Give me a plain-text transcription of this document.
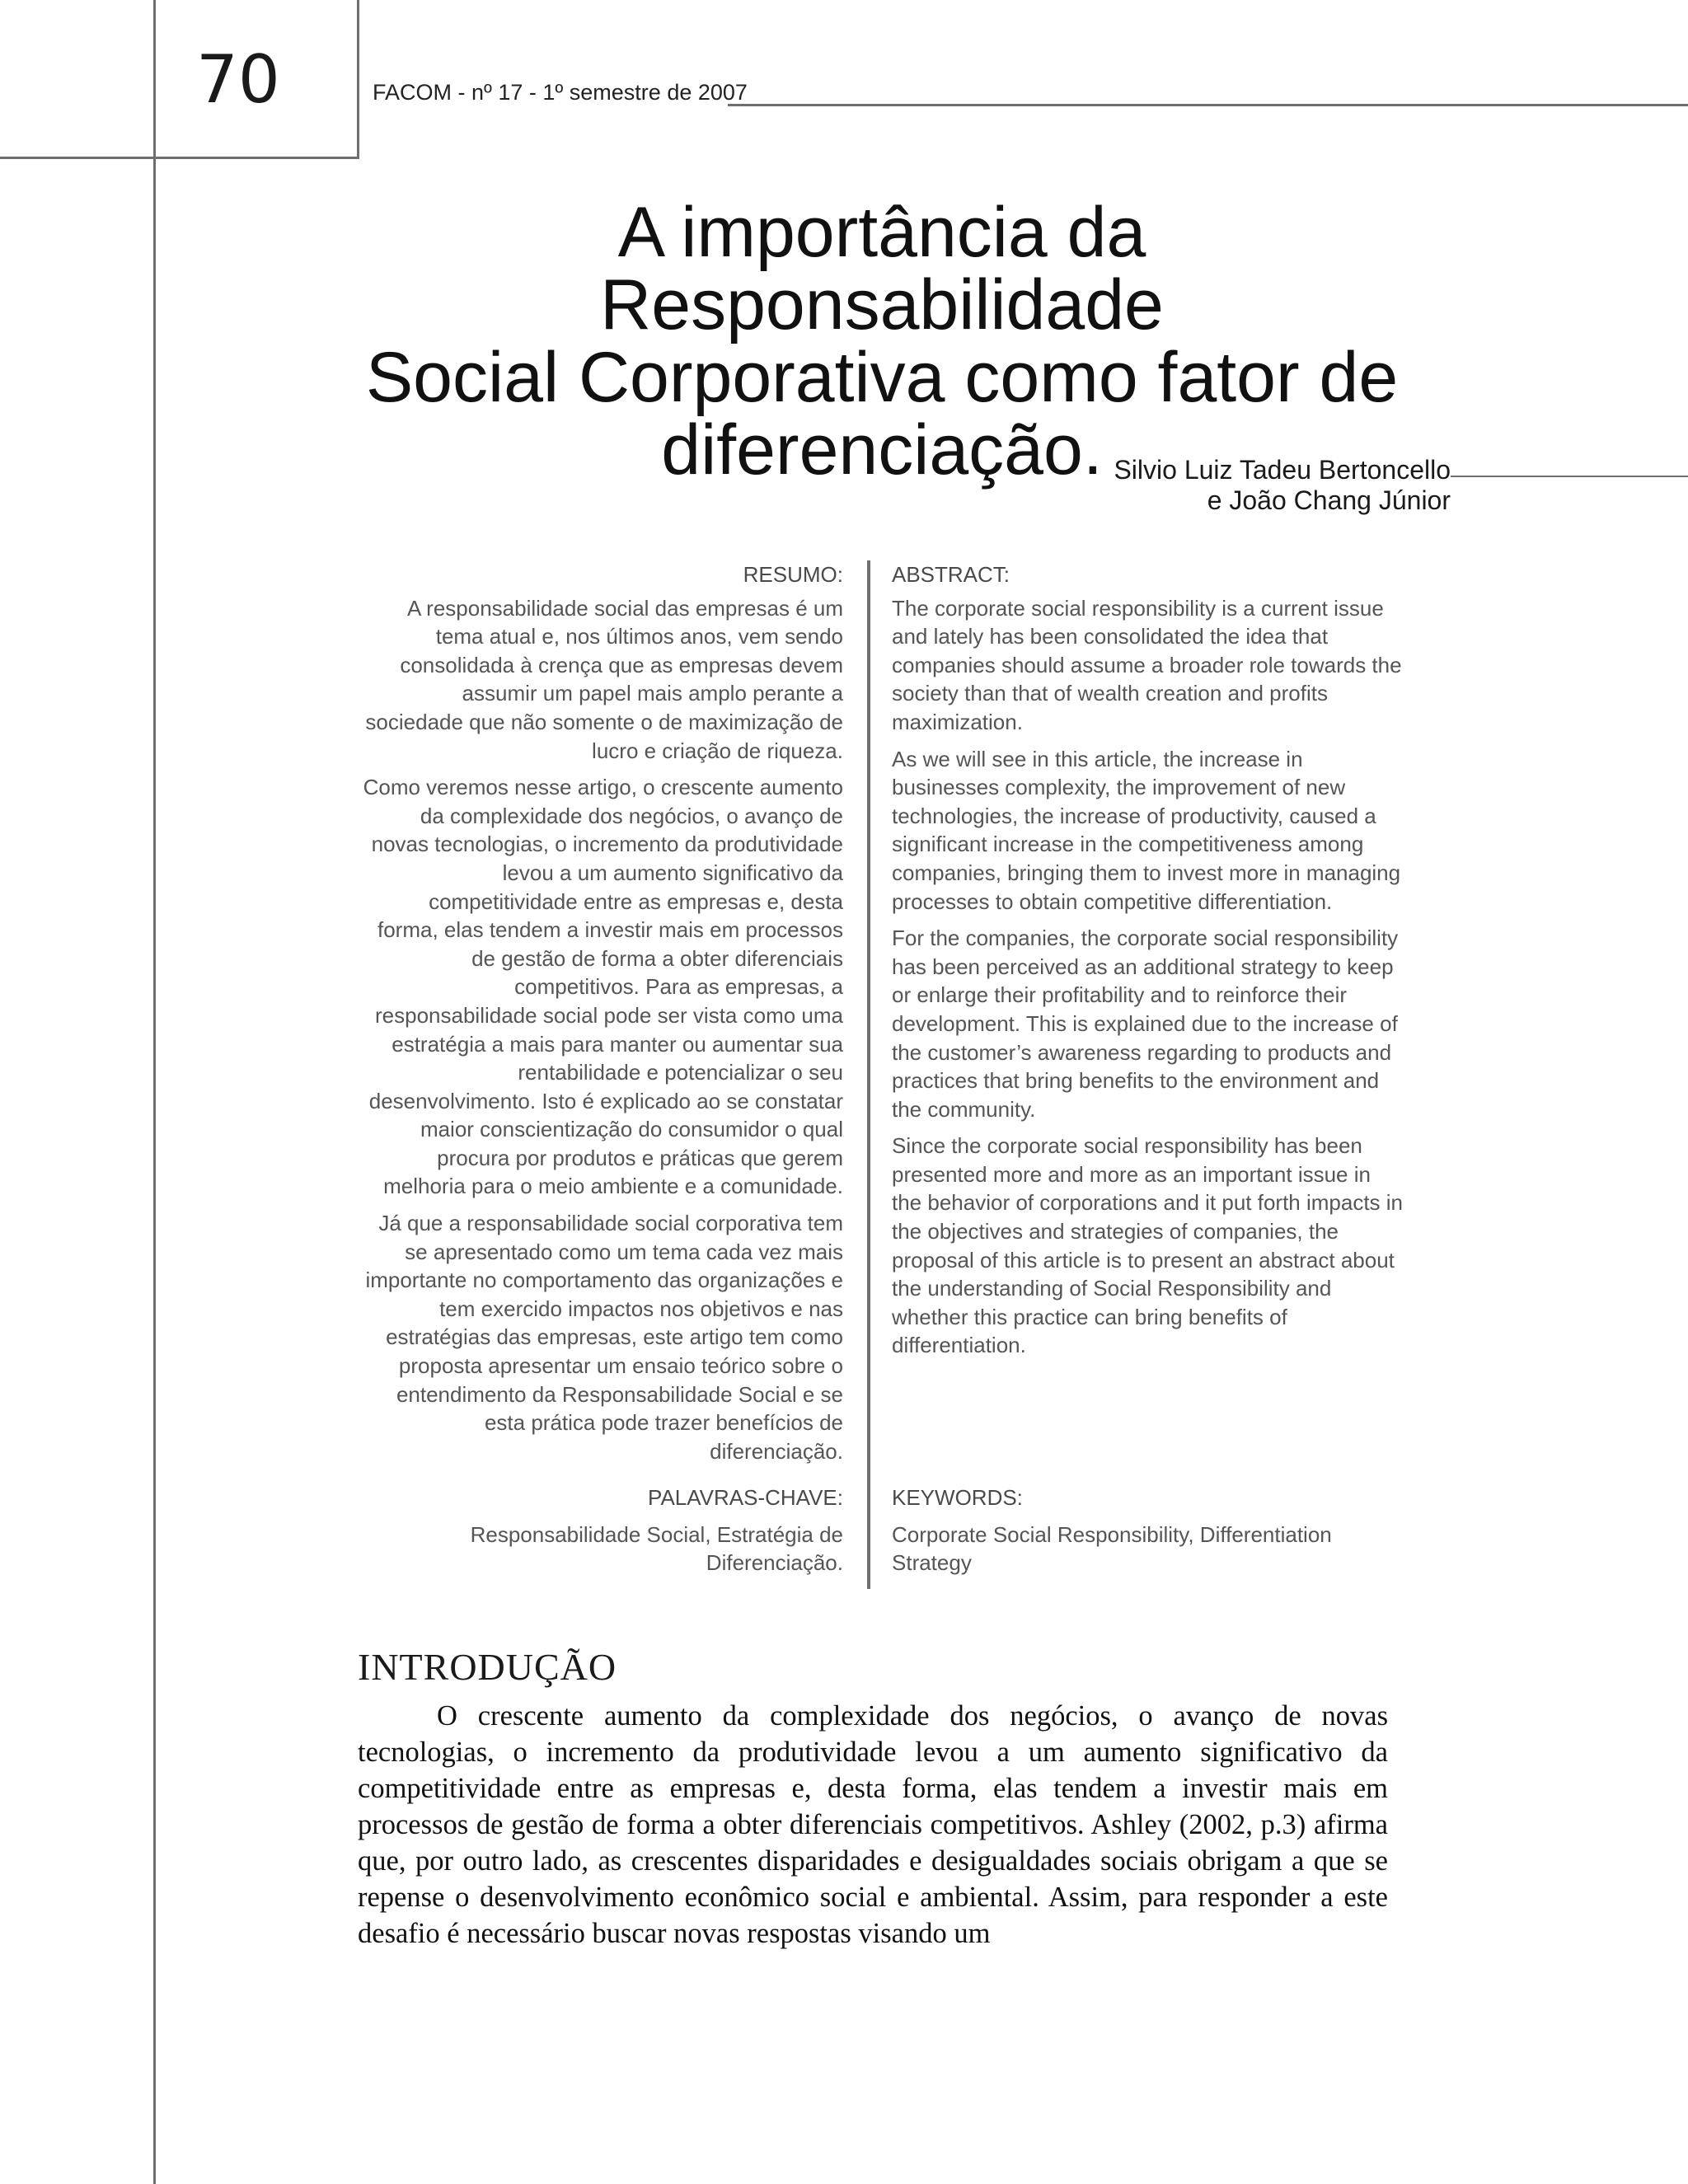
70	FACOM - nº 17 - 1º semestre de 2007
A importância da Responsabilidade
Social Corporativa como fator de
diferenciação. Silvio Luiz Tadeu Bertoncello
e João Chang Júnior
RESUMO:

A responsabilidade social das empresas é um tema atual e, nos últimos anos, vem sendo consolidada à crença que as empresas devem assumir um papel mais amplo perante a sociedade que não somente o de maximização de lucro e criação de riqueza.

Como veremos nesse artigo, o crescente aumento da complexidade dos negócios, o avanço de novas tecnologias, o incremento da produtividade levou a um aumento significativo da competitividade entre as empresas e, desta forma, elas tendem a investir mais em processos de gestão de forma a obter diferenciais competitivos. Para as empresas, a responsabilidade social pode ser vista como uma estratégia a mais para manter ou aumentar sua rentabilidade e potencializar o seu desenvolvimento. Isto é explicado ao se constatar maior conscientização do consumidor o qual procura por produtos e práticas que gerem melhoria para o meio ambiente e a comunidade.

Já que a responsabilidade social corporativa tem se apresentado como um tema cada vez mais importante no comportamento das organizações e tem exercido impactos nos objetivos e nas estratégias das empresas, este artigo tem como proposta apresentar um ensaio teórico sobre o entendimento da Responsabilidade Social e se esta prática pode trazer benefícios de diferenciação.

ABSTRACT:

The corporate social responsibility is a current issue and lately has been consolidated the idea that companies should assume a broader role towards the society than that of wealth creation and profits maximization.

As we will see in this article, the increase in businesses complexity, the improvement of new technologies, the increase of productivity, caused a significant increase in the competitiveness among companies, bringing them to invest more in managing processes to obtain competitive differentiation.

For the companies, the corporate social responsibility has been perceived as an additional strategy to keep or enlarge their profitability and to reinforce their development. This is explained due to the increase of the customer’s awareness regarding to products and practices that bring benefits to the environment and the community.

Since the corporate social responsibility has been presented more and more as an important issue in the behavior of corporations and it put forth impacts in the objectives and strategies of companies, the proposal of this article is to present an abstract about the understanding of Social Responsibility and whether this practice can bring benefits of differentiation.

PALAVRAS-CHAVE:
Responsabilidade Social, Estratégia de Diferenciação.
KEYWORDS:
Corporate Social Responsibility, Differentiation Strategy
INTRODUÇÃO

O crescente aumento da complexidade dos negócios, o avanço de novas tecnologias, o incremento da produtividade levou a um aumento significativo da competitividade entre as empresas e, desta forma, elas tendem a investir mais em processos de gestão de forma a obter diferenciais competitivos. Ashley (2002, p.3) afirma que, por outro lado, as crescentes disparidades e desigualdades sociais obrigam a que se repense o desenvolvimento econômico social e ambiental. Assim, para responder a este desafio é necessário buscar novas respostas visando um
